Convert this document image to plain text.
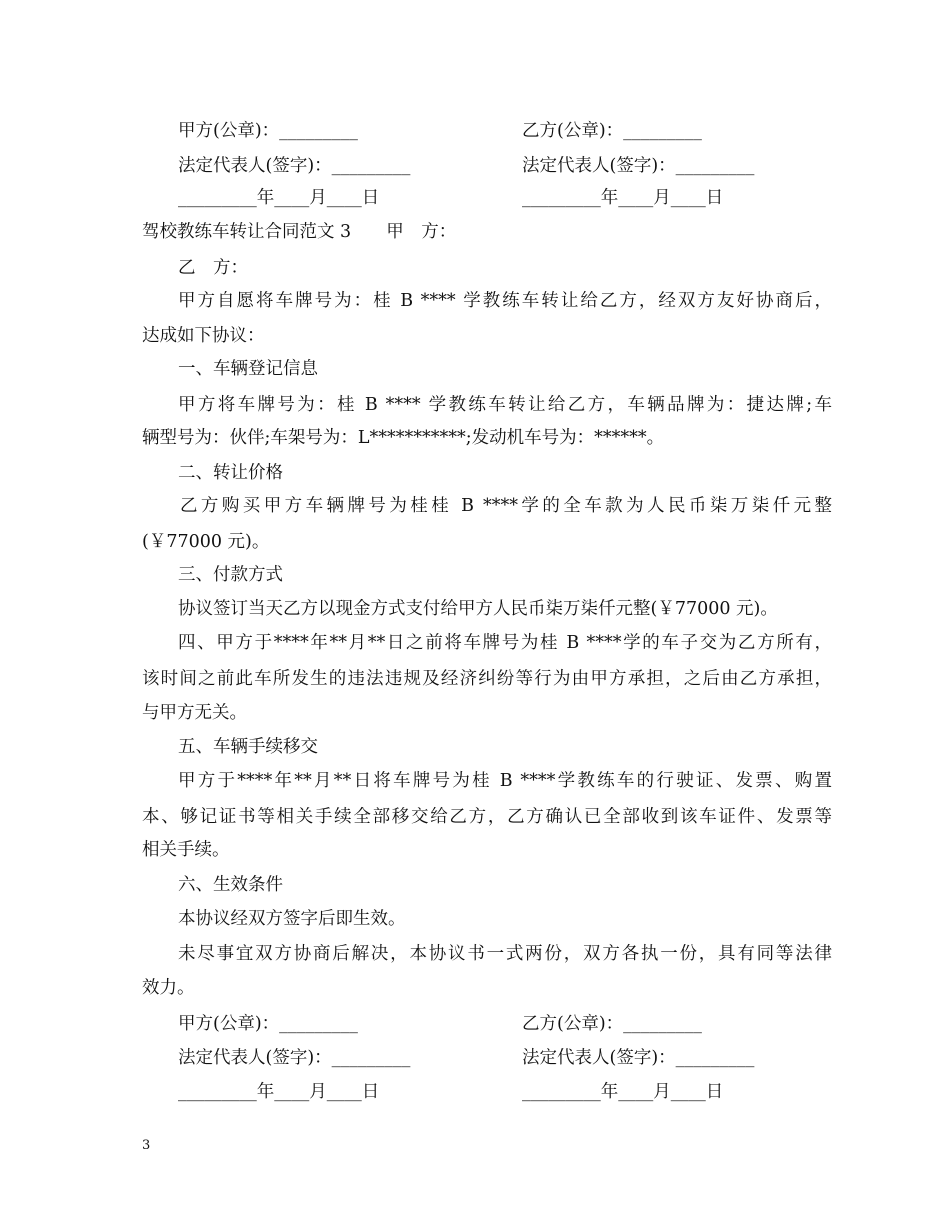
甲方(公章)：_________	乙方(公章)：_________
法定代表人(签字)：_________	法定代表人(签字)：_________
_________年____月____日	_________年____月____日
驾校教练车转让合同范文 3　　甲　方：
乙　方：
甲方自愿将车牌号为：桂 B **** 学教练车转让给乙方，经双方友好协商后，
达成如下协议：
一、车辆登记信息
甲方将车牌号为：桂 B **** 学教练车转让给乙方，车辆品牌为：捷达牌;车
辆型号为：伙伴;车架号为：L***********;发动机车号为：******。
二、转让价格
乙方购买甲方车辆牌号为桂桂 B ****学的全车款为人民币柒万柒仟元整
(￥77000 元)。
三、付款方式
协议签订当天乙方以现金方式支付给甲方人民币柒万柒仟元整(￥77000 元)。
四、甲方于****年**月**日之前将车牌号为桂 B ****学的车子交为乙方所有，
该时间之前此车所发生的违法违规及经济纠纷等行为由甲方承担，之后由乙方承担，
与甲方无关。
五、车辆手续移交
甲方于****年**月**日将车牌号为桂 B ****学教练车的行驶证、发票、购置
本、够记证书等相关手续全部移交给乙方，乙方确认已全部收到该车证件、发票等
相关手续。
六、生效条件
本协议经双方签字后即生效。
未尽事宜双方协商后解决，本协议书一式两份，双方各执一份，具有同等法律
效力。
甲方(公章)：_________	乙方(公章)：_________
法定代表人(签字)：_________	法定代表人(签字)：_________
_________年____月____日	_________年____月____日
3
